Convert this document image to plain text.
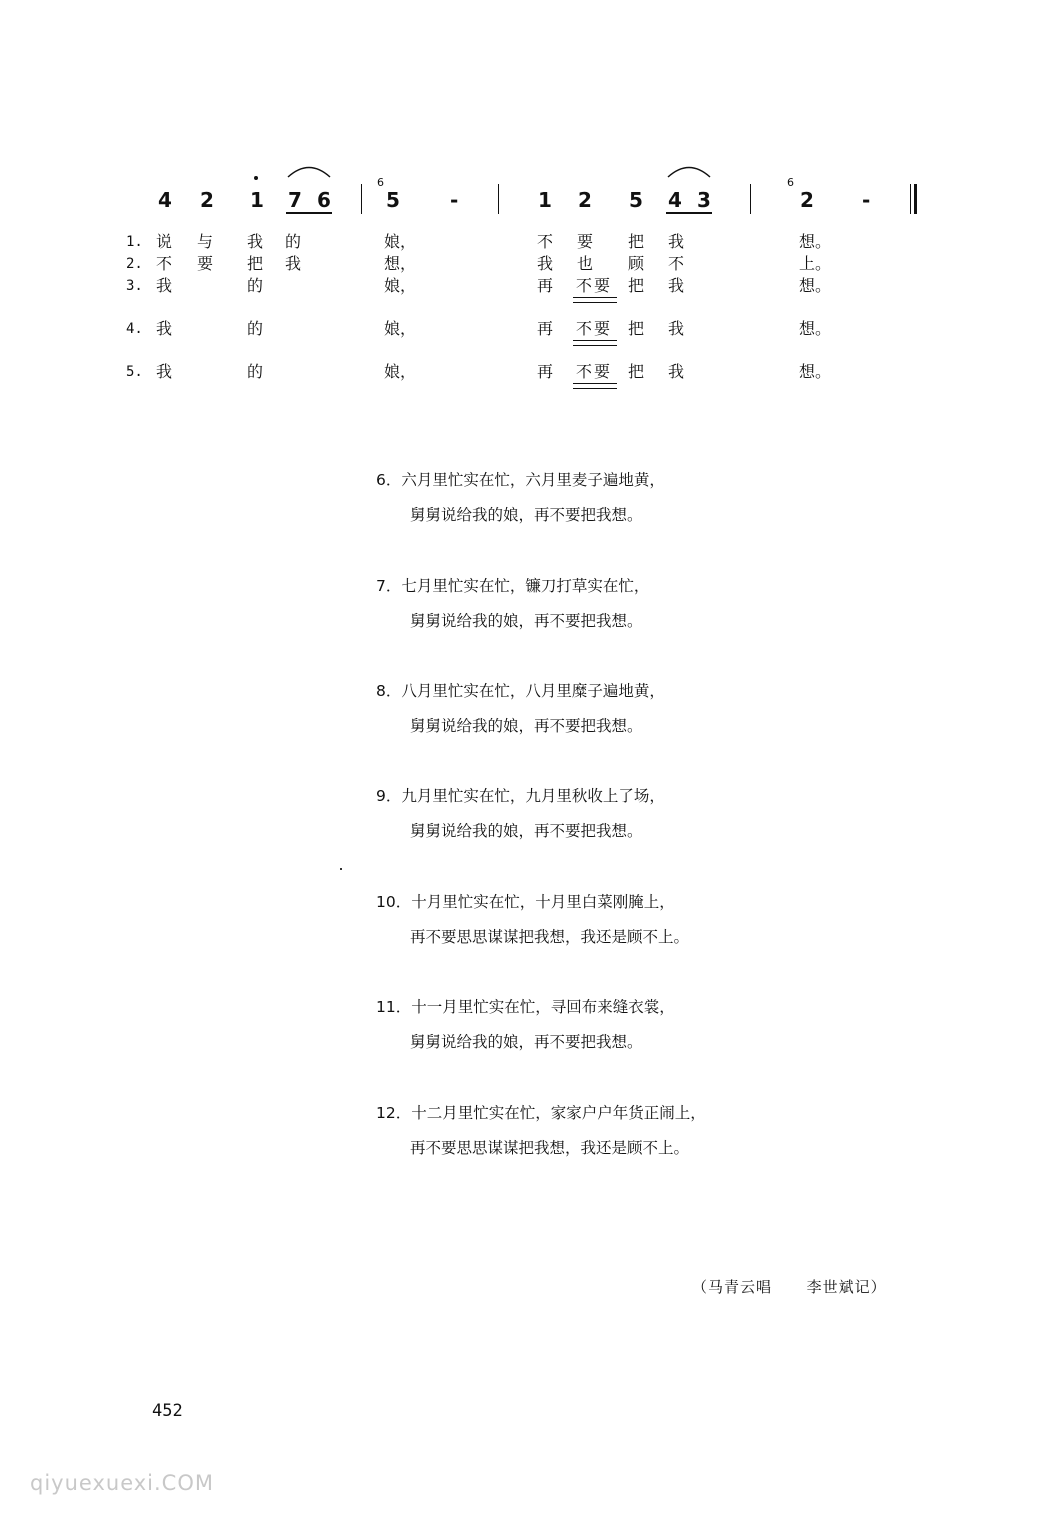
4 2 1 7 6
6
5	-	1 2 5 4 3
6
2 -
1. 说 与 我 的	娘，	不 要 把 我	想。
2. 不 要 把 我	想，	我 也 顾 不	上。
3. 我	的	娘，	再 不要 把 我	想。
4. 我	的	娘，	再 不要 把 我	想。
5. 我	的	娘，	再 不要 把 我	想。
6．六月里忙实在忙，六月里麦子遍地黄，
舅舅说给我的娘，再不要把我想。
7．七月里忙实在忙，镰刀打草实在忙，
舅舅说给我的娘，再不要把我想。
8．八月里忙实在忙，八月里糜子遍地黄，
舅舅说给我的娘，再不要把我想。
9．九月里忙实在忙，九月里秋收上了场，
舅舅说给我的娘，再不要把我想。
10．十月里忙实在忙，十月里白菜刚腌上，
再不要思思谋谋把我想，我还是顾不上。
11．十一月里忙实在忙，寻回布来缝衣裳，
舅舅说给我的娘，再不要把我想。
12．十二月里忙实在忙，家家户户年货正闹上，
再不要思思谋谋把我想，我还是顾不上。
（马青云唱      李世斌记）
452
qiyuexuexi.COM
